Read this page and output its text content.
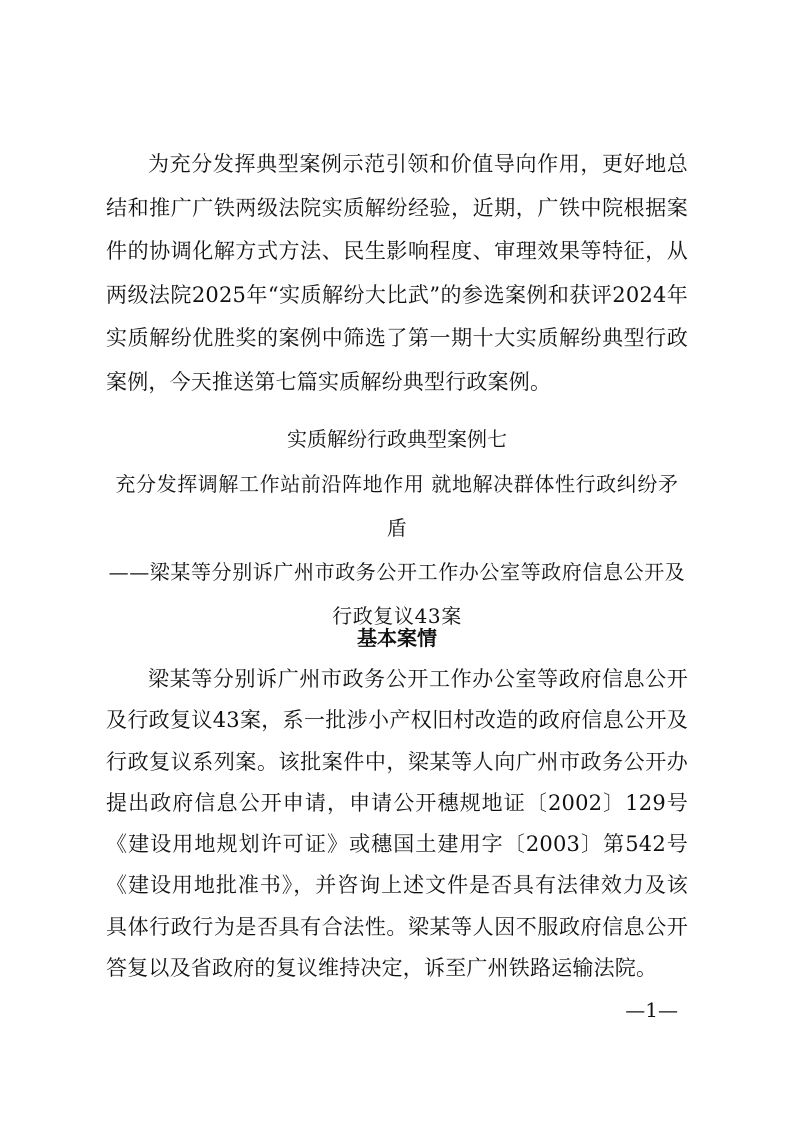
为充分发挥典型案例示范引领和价值导向作用，更好地总结和推广广铁两级法院实质解纷经验，近期，广铁中院根据案件的协调化解方式方法、民生影响程度、审理效果等特征，从两级法院2025年“实质解纷大比武”的参选案例和获评2024年实质解纷优胜奖的案例中筛选了第一期十大实质解纷典型行政案例，今天推送第七篇实质解纷典型行政案例。

实质解纷行政典型案例七

充分发挥调解工作站前沿阵地作用 就地解决群体性行政纠纷矛盾
——梁某等分别诉广州市政务公开工作办公室等政府信息公开及
行政复议43案
基本案情

梁某等分别诉广州市政务公开工作办公室等政府信息公开及行政复议43案，系一批涉小产权旧村改造的政府信息公开及行政复议系列案。该批案件中，梁某等人向广州市政务公开办提出政府信息公开申请，申请公开穗规地证〔2002〕129号《建设用地规划许可证》或穗国土建用字〔2003〕第542号《建设用地批准书》，并咨询上述文件是否具有法律效力及该具体行政行为是否具有合法性。梁某等人因不服政府信息公开答复以及省政府的复议维持决定，诉至广州铁路运输法院。

—1—
